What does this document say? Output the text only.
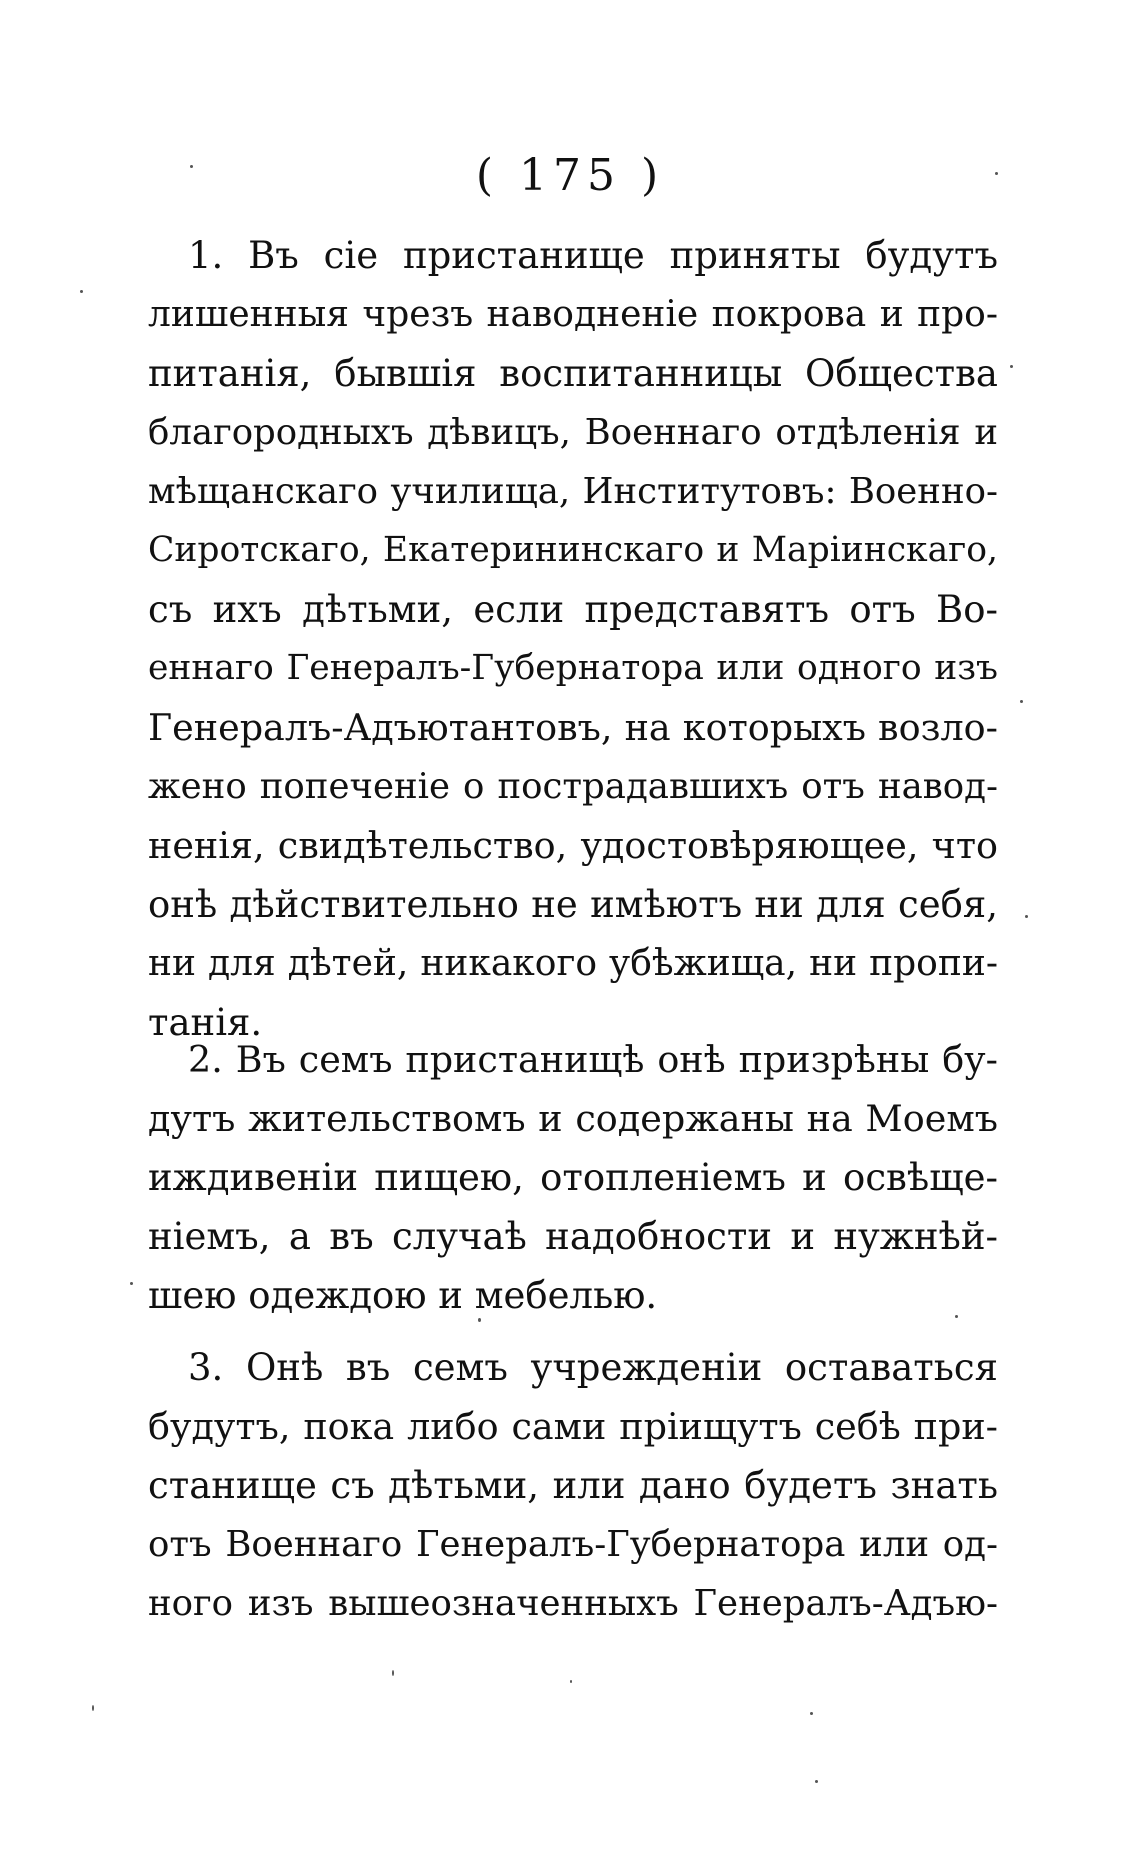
( 175 )
1. Въ сіе пристанище приняты будутъ
лишенныя чрезъ наводненіе покрова и про-
питанія, бывшія воспитанницы Общества
благородныхъ дѣвицъ, Военнаго отдѣленія и
мѣщанскаго училища, Институтовъ: Военно-
Сиротскаго, Екатерининскаго и Маріинскаго,
съ ихъ дѣтьми, если представятъ отъ Во-
еннаго Генералъ-Губернатора или одного изъ
Генералъ-Адъютантовъ, на которыхъ возло-
жено попеченіе о пострадавшихъ отъ навод-
ненія, свидѣтельство, удостовѣряющее, что
онѣ дѣйствительно не имѣютъ ни для себя,
ни для дѣтей, никакого убѣжища, ни пропи-
танія.
2. Въ семъ пристанищѣ онѣ призрѣны бу-
дутъ жительствомъ и содержаны на Моемъ
иждивеніи пищею, отопленіемъ и освѣще-
ніемъ, а въ случаѣ надобности и нужнѣй-
шею одеждою и мебелью.
3. Онѣ въ семъ учрежденіи оставаться
будутъ, пока либо сами пріищутъ себѣ при-
станище съ дѣтьми, или дано будетъ знать
отъ Военнаго Генералъ-Губернатора или од-
ного изъ вышеозначенныхъ Генералъ-Адъю-
